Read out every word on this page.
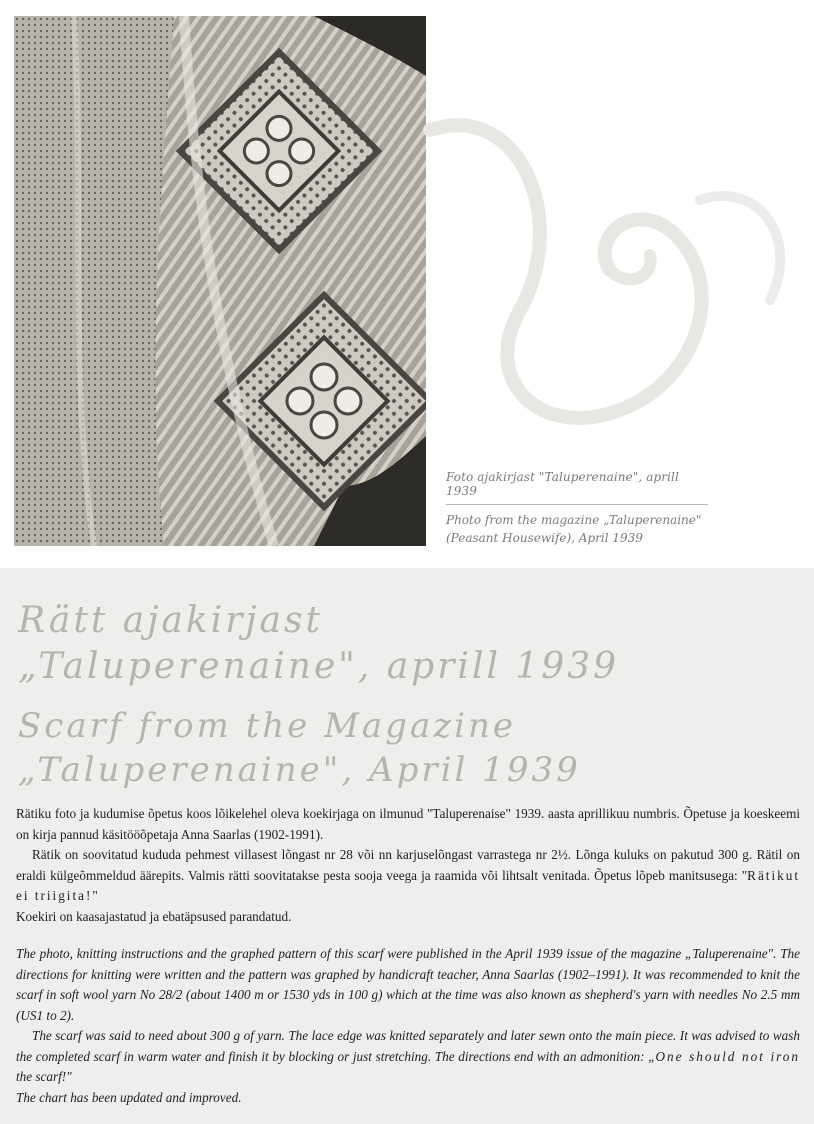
Foto ajakirjast "Taluperenaine", aprill 1939
Photo from the magazine „Taluperenaine"
(Peasant Housewife), April 1939
Rätt ajakirjast
„Taluperenaine", aprill 1939
Scarf from the Magazine
„Taluperenaine", April 1939

Rätiku foto ja kudumise õpetus koos lõikelehel oleva koekirjaga on ilmunud "Taluperenaise" 1939. aasta aprillikuu numbris. Õpetuse ja koeskeemi on kirja pannud käsitööõpetaja Anna Saarlas (1902-1991).

Rätik on soovitatud kududa pehmest villasest lõngast nr 28 või nn karjuselõngast varrastega nr 2½. Lõnga kuluks on pakutud 300 g. Rätil on eraldi külgeõmmeldud äärepits. Valmis rätti soovitatakse pesta sooja veega ja raamida või lihtsalt venitada. Õpetus lõpeb manitsusega: "Rätikut ei triigita!"

Koekiri on kaasajastatud ja ebatäpsused parandatud.

The photo, knitting instructions and the graphed pattern of this scarf were published in the April 1939 issue of the magazine „Taluperenaine". The directions for knitting were written and the pattern was graphed by handicraft teacher, Anna Saarlas (1902–1991). It was recommended to knit the scarf in soft wool yarn No 28/2 (about 1400 m or 1530 yds in 100 g) which at the time was also known as shepherd's yarn with needles No 2.5 mm (US1 to 2).

The scarf was said to need about 300 g of yarn. The lace edge was knitted separately and later sewn onto the main piece. It was advised to wash the completed scarf in warm water and finish it by blocking or just stretching. The directions end with an admonition: „One should not iron the scarf!"

The chart has been updated and improved.
